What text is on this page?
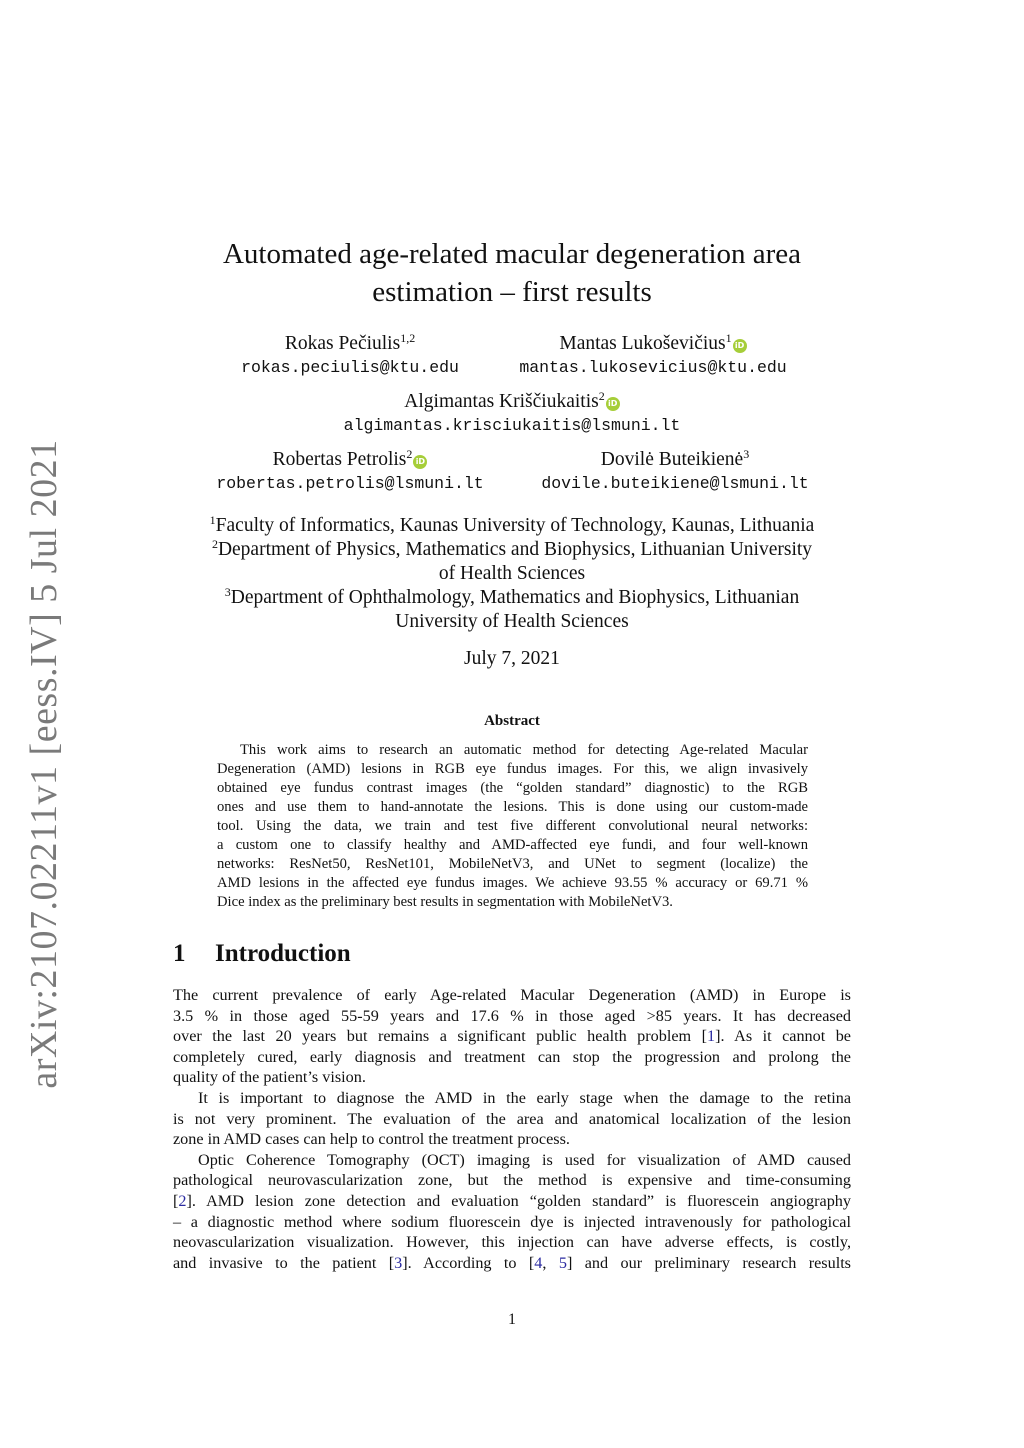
arXiv:2107.02211v1 [eess.IV] 5 Jul 2021
Automated age-related macular degeneration area
estimation – first results
Rokas Pečiulis$^{1,2}$
rokas.peciulis@ktu.edu
Mantas Lukoševičius$^1$iD
mantas.lukosevicius@ktu.edu
Algimantas Kriščiukaitis$^2$iD
algimantas.krisciukaitis@lsmuni.lt
Robertas Petrolis$^2$iD
robertas.petrolis@lsmuni.lt
Dovilė Buteikienė$^3$
dovile.buteikiene@lsmuni.lt
$^1$Faculty of Informatics, Kaunas University of Technology, Kaunas, Lithuania
$^2$Department of Physics, Mathematics and Biophysics, Lithuanian University
of Health Sciences
$^3$Department of Ophthalmology, Mathematics and Biophysics, Lithuanian
University of Health Sciences
July 7, 2021
Abstract
This work aims to research an automatic method for detecting Age-related Macular
Degeneration (AMD) lesions in RGB eye fundus images. For this, we align invasively
obtained eye fundus contrast images (the “golden standard” diagnostic) to the RGB
ones and use them to hand-annotate the lesions. This is done using our custom-made
tool. Using the data, we train and test five different convolutional neural networks:
a custom one to classify healthy and AMD-affected eye fundi, and four well-known
networks: ResNet50, ResNet101, MobileNetV3, and UNet to segment (localize) the
AMD lesions in the affected eye fundus images. We achieve 93.55 % accuracy or 69.71 %
Dice index as the preliminary best results in segmentation with MobileNetV3.
1 Introduction
The current prevalence of early Age-related Macular Degeneration (AMD) in Europe is
3.5 % in those aged 55-59 years and 17.6 % in those aged >85 years. It has decreased
over the last 20 years but remains a significant public health problem [1]. As it cannot be
completely cured, early diagnosis and treatment can stop the progression and prolong the
quality of the patient’s vision.
It is important to diagnose the AMD in the early stage when the damage to the retina
is not very prominent. The evaluation of the area and anatomical localization of the lesion
zone in AMD cases can help to control the treatment process.
Optic Coherence Tomography (OCT) imaging is used for visualization of AMD caused
pathological neurovascularization zone, but the method is expensive and time-consuming
[2]. AMD lesion zone detection and evaluation “golden standard” is fluorescein angiography
– a diagnostic method where sodium fluorescein dye is injected intravenously for pathological
neovascularization visualization. However, this injection can have adverse effects, is costly,
and invasive to the patient [3]. According to [4, 5] and our preliminary research results
1
